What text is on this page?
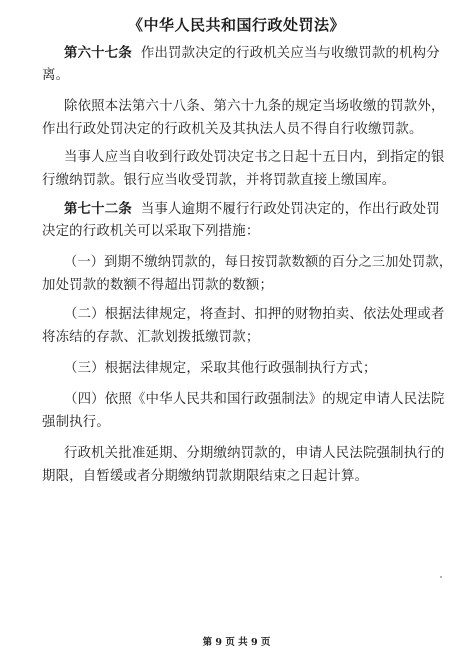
《中华人民共和国行政处罚法》
第六十七条 作出罚款决定的行政机关应当与收缴罚款的机构分
离。
除依照本法第六十八条、第六十九条的规定当场收缴的罚款外，
作出行政处罚决定的行政机关及其执法人员不得自行收缴罚款。
当事人应当自收到行政处罚决定书之日起十五日内，到指定的银
行缴纳罚款。银行应当收受罚款，并将罚款直接上缴国库。
第七十二条 当事人逾期不履行行政处罚决定的，作出行政处罚
决定的行政机关可以采取下列措施：
（一）到期不缴纳罚款的，每日按罚款数额的百分之三加处罚款，
加处罚款的数额不得超出罚款的数额；
（二）根据法律规定，将查封、扣押的财物拍卖、依法处理或者
将冻结的存款、汇款划拨抵缴罚款；
（三）根据法律规定，采取其他行政强制执行方式；
（四）依照《中华人民共和国行政强制法》的规定申请人民法院
强制执行。
行政机关批准延期、分期缴纳罚款的，申请人民法院强制执行的
期限，自暂缓或者分期缴纳罚款期限结束之日起计算。
第 9 页 共 9 页
